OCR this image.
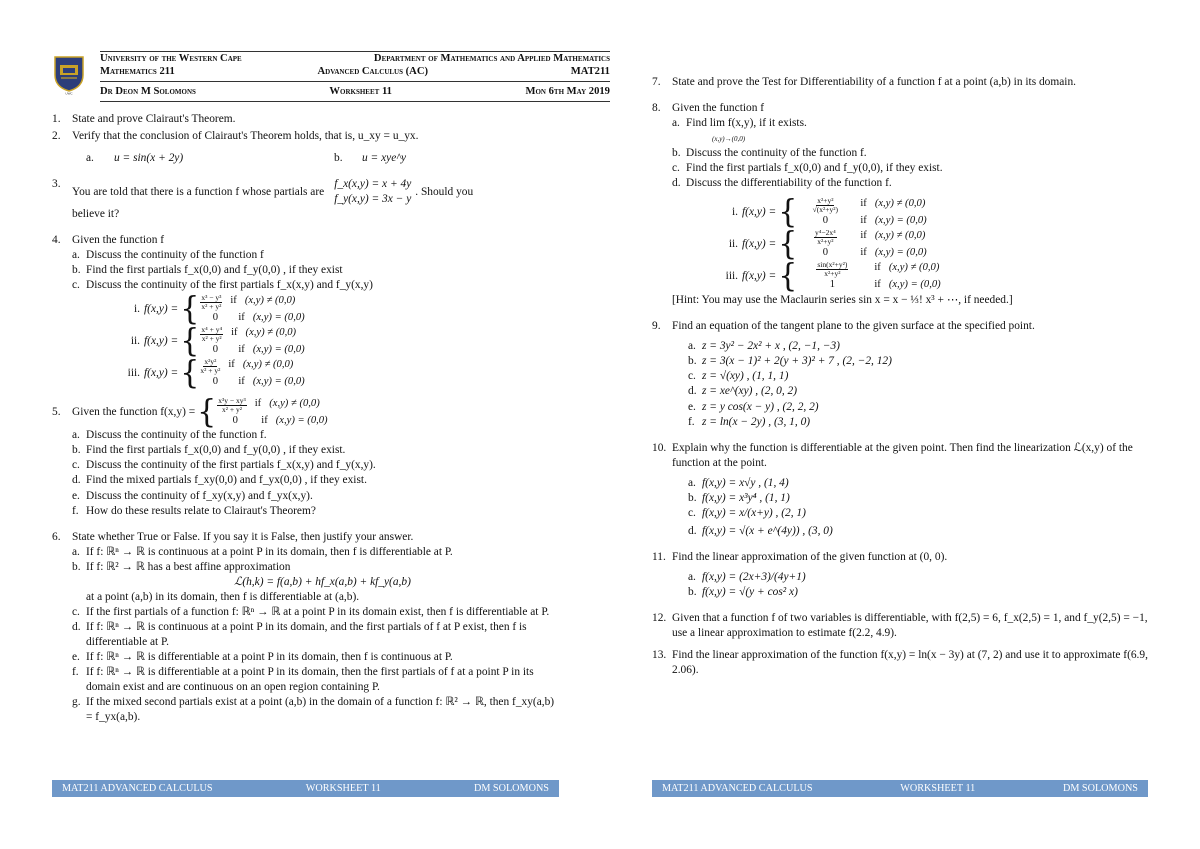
UWC
University of the Western Cape	Department of Mathematics and Applied Mathematics
Mathematics 211	Advanced Calculus (AC)	MAT211
Dr Deon M Solomons	Worksheet 11	Mon 6th May 2019
1.	State and prove Clairaut's Theorem.
2.	Verify that the conclusion of Clairaut's Theorem holds, that is, u_xy = u_yx.
a.	u = sin(x + 2y)	b.	u = xye^y
3.
You are told that there is a function f whose partials are
f_x(x,y) = x + 4y
f_y(x,y) = 3x − y
. Should you
believe it?
4.	Given the function f
a. Discuss the continuity of the function f
b. Find the first partials f_x(0,0) and f_y(0,0) , if they exist
c. Discuss the continuity of the first partials f_x(x,y) and f_y(x,y)
i. f(x,y) = { $\frac{\text{x³ − y³}}{\text{x² + y²}}$ if (x,y) ≠ (0,0)
0	if (x,y) = (0,0)
ii. f(x,y) = { $\frac{\text{x⁴ + y⁴}}{\text{x² + y²}}$ if (x,y) ≠ (0,0)
0	if (x,y) = (0,0)
iii. f(x,y) = { $\frac{\text{x²y²}}{\text{x² + y²}}$ if (x,y) ≠ (0,0)
0	if (x,y) = (0,0)
5.	Given the function f(x,y) = { $\frac{\text{x³y − xy³}}{\text{x² + y²}}$ if (x,y) ≠ (0,0)
0	if (x,y) = (0,0)
a. Discuss the continuity of the function f.
b. Find the first partials f_x(0,0) and f_y(0,0) , if they exist.
c. Discuss the continuity of the first partials f_x(x,y) and f_y(x,y).
d. Find the mixed partials f_xy(0,0) and f_yx(0,0) , if they exist.
e. Discuss the continuity of f_xy(x,y) and f_yx(x,y).
f. How do these results relate to Clairaut's Theorem?
6.	State whether True or False. If you say it is False, then justify your answer.
a. If f: ℝⁿ → ℝ is continuous at a point P in its domain, then f is differentiable at P.
b. If f: ℝ² → ℝ has a best affine approximation

ℒ(h,k) = f(a,b) + hf_x(a,b) + kf_y(a,b)
at a point (a,b) in its domain, then f is differentiable at (a,b).
c. If the first partials of a function f: ℝⁿ → ℝ at a point P in its domain exist, then f is differentiable at P.
d. If f: ℝⁿ → ℝ is continuous at a point P in its domain, and the first partials of f at P exist, then f is differentiable at P.
e. If f: ℝⁿ → ℝ is differentiable at a point P in its domain, then f is continuous at P.
f. If f: ℝⁿ → ℝ is differentiable at a point P in its domain, then the first partials of f at a point P in its domain exist and are continuous on an open region containing P.
g. If the mixed second partials exist at a point (a,b) in the domain of a function f: ℝ² → ℝ, then f_xy(a,b) = f_yx(a,b).
MAT211 ADVANCED CALCULUS	WORKSHEET 11	DM SOLOMONS
7.	State and prove the Test for Differentiability of a function f at a point (a,b) in its domain.
8.	Given the function f
a. Find lim f(x,y), if it exists.
(x,y)→(0,0)
b. Discuss the continuity of the function f.
c. Find the first partials f_x(0,0) and f_y(0,0), if they exist.
d. Discuss the differentiability of the function f.
i. f(x,y) = { $\frac{\text{x²+y²}}{\text{√(x²+y²)}}$ if (x,y) ≠ (0,0)
0	if (x,y) = (0,0)
ii. f(x,y) = { $\frac{\text{y⁴−2x⁴}}{\text{x²+y²}}$ if (x,y) ≠ (0,0)
0	if (x,y) = (0,0)
iii. f(x,y) = { $\frac{\text{sin(x²+y²)}}{\text{x²+y²}}$ if (x,y) ≠ (0,0)
1	if (x,y) = (0,0)
[Hint: You may use the Maclaurin series sin x = x − ⅓! x³ + ⋯, if needed.]
9.	Find an equation of the tangent plane to the given surface at the specified point.
a. z = 3y² − 2x² + x , (2, −1, −3)
b. z = 3(x − 1)² + 2(y + 3)² + 7 , (2, −2, 12)
c. z = √(xy) , (1, 1, 1)
d. z = xe^(xy) , (2, 0, 2)
e. z = y cos(x − y) , (2, 2, 2)
f. z = ln(x − 2y) , (3, 1, 0)
10. Explain why the function is differentiable at the given point. Then find the linearization ℒ(x,y) of the function at the point.
a. f(x,y) = x√y , (1, 4)
b. f(x,y) = x³y⁴ , (1, 1)
c. f(x,y) = x/(x+y) , (2, 1)
d. f(x,y) = √(x + e^(4y)) , (3, 0)
11. Find the linear approximation of the given function at (0, 0).
a. f(x,y) = (2x+3)/(4y+1)
b. f(x,y) = √(y + cos² x)
12. Given that a function f of two variables is differentiable, with f(2,5) = 6, f_x(2,5) = 1, and f_y(2,5) = −1, use a linear approximation to estimate f(2.2, 4.9).
13. Find the linear approximation of the function f(x,y) = ln(x − 3y) at (7, 2) and use it to approximate f(6.9, 2.06).
MAT211 ADVANCED CALCULUS	WORKSHEET 11	DM SOLOMONS
